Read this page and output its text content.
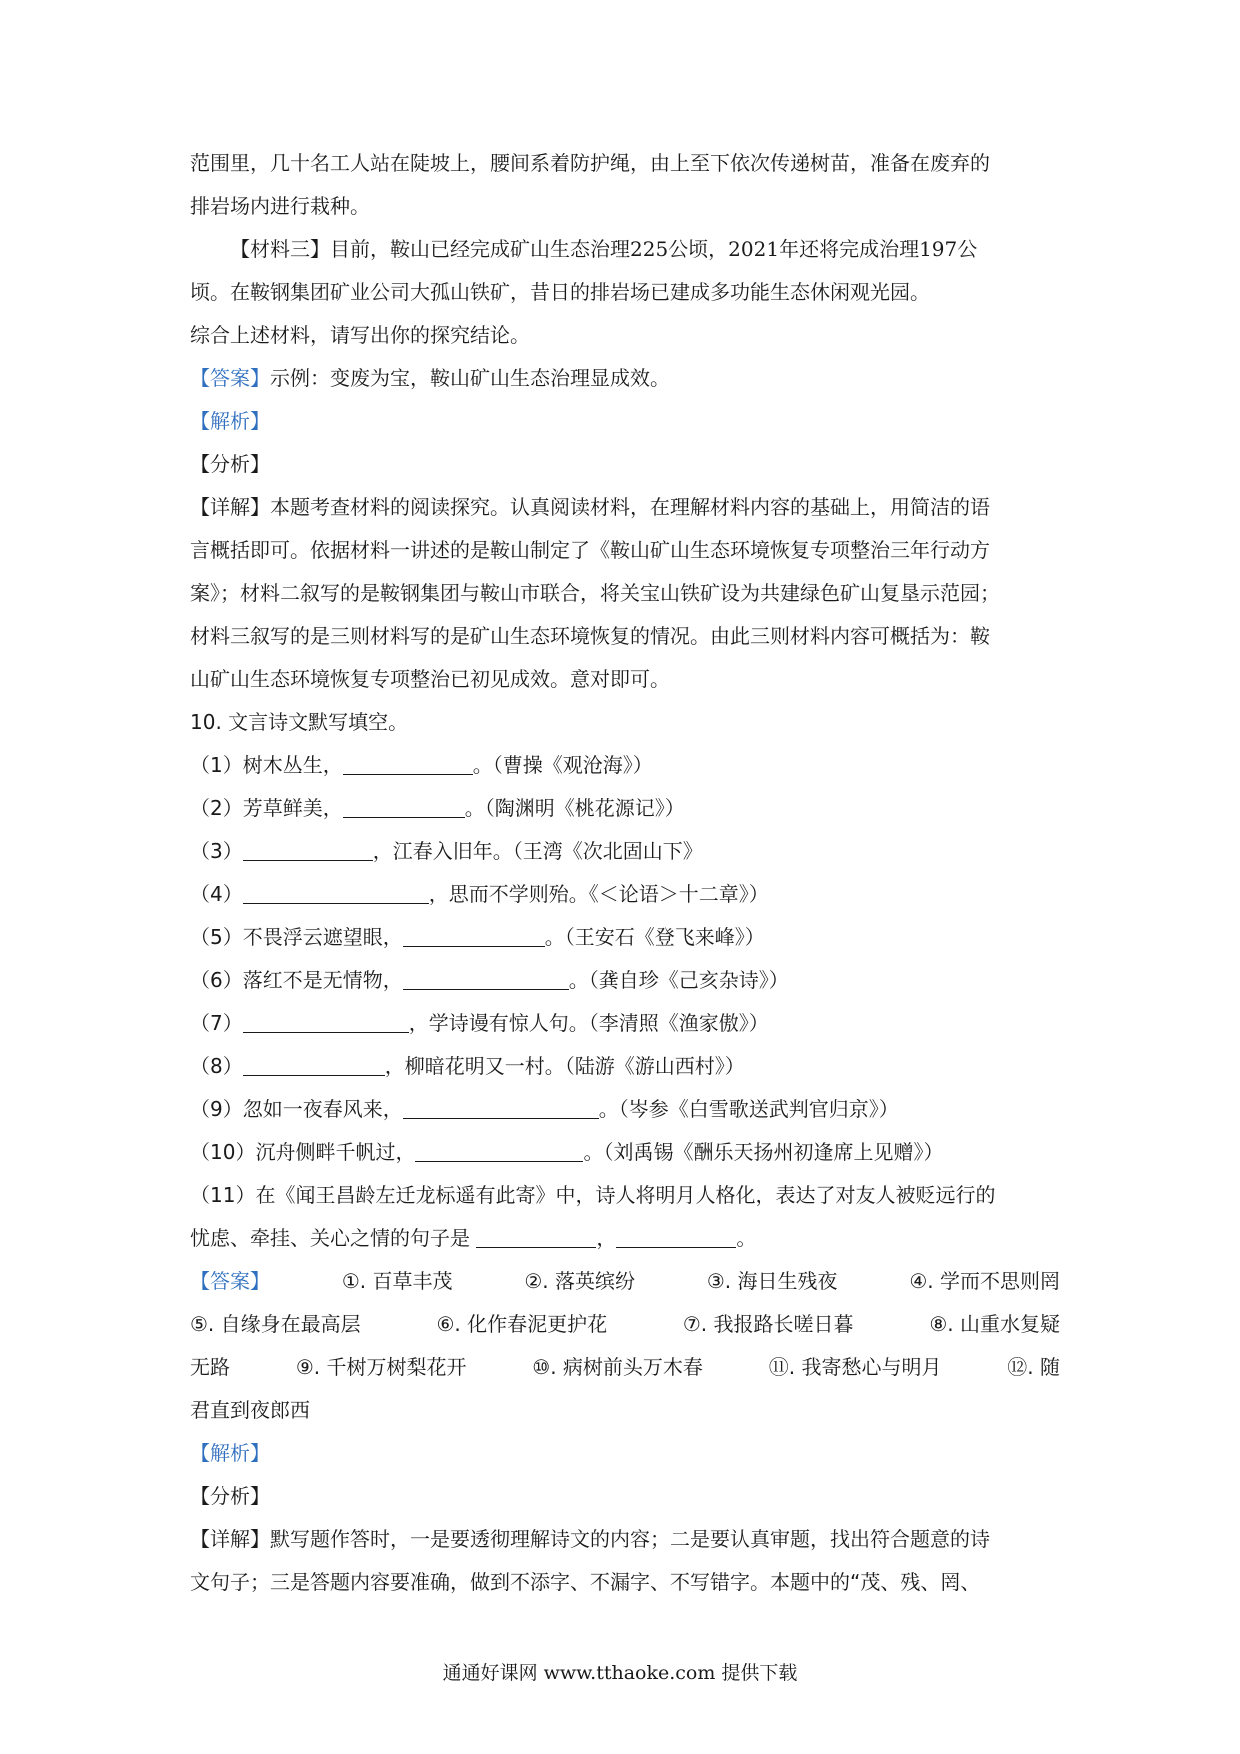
范围里，几十名工人站在陡坡上，腰间系着防护绳，由上至下依次传递树苗，准备在废弃的
排岩场内进行栽种。
【材料三】目前，鞍山已经完成矿山生态治理225公顷，2021年还将完成治理197公
顷。在鞍钢集团矿业公司大孤山铁矿，昔日的排岩场已建成多功能生态休闲观光园。
综合上述材料，请写出你的探究结论。
【答案】示例：变废为宝，鞍山矿山生态治理显成效。
【解析】
【分析】
【详解】本题考查材料的阅读探究。认真阅读材料，在理解材料内容的基础上，用简洁的语
言概括即可。依据材料一讲述的是鞍山制定了《鞍山矿山生态环境恢复专项整治三年行动方
案》；材料二叙写的是鞍钢集团与鞍山市联合，将关宝山铁矿设为共建绿色矿山复垦示范园；
材料三叙写的是三则材料写的是矿山生态环境恢复的情况。由此三则材料内容可概括为：鞍
山矿山生态环境恢复专项整治已初见成效。意对即可。
10. 文言诗文默写填空。
（1）树木丛生，	。（曹操《观沧海》）
（2）芳草鲜美，	。（陶渊明《桃花源记》）
（3）	，江春入旧年。（王湾《次北固山下》
（4）	，思而不学则殆。《＜论语＞十二章》）
（5）不畏浮云遮望眼，	。（王安石《登飞来峰》）
（6）落红不是无情物，	。（龚自珍《己亥杂诗》）
（7）	，学诗谩有惊人句。（李清照《渔家傲》）
（8）	，柳暗花明又一村。（陆游《游山西村》）
（9）忽如一夜春风来，	。（岑参《白雪歌送武判官归京》）
（10）沉舟侧畔千帆过，	。（刘禹锡《酬乐天扬州初逢席上见赠》）
（11）在《闻王昌龄左迁龙标遥有此寄》中，诗人将明月人格化，表达了对友人被贬远行的
忧虑、牵挂、关心之情的句子是	，	。
【答案】	①. 百草丰茂	②. 落英缤纷	③. 海日生残夜	④. 学而不思则罔
⑤. 自缘身在最高层	⑥. 化作春泥更护花	⑦. 我报路长嗟日暮	⑧. 山重水复疑
无路	⑨. 千树万树梨花开	⑩. 病树前头万木春	⑪. 我寄愁心与明月	⑫. 随
君直到夜郎西
【解析】
【分析】
【详解】默写题作答时，一是要透彻理解诗文的内容；二是要认真审题，找出符合题意的诗
文句子；三是答题内容要准确，做到不添字、不漏字、不写错字。本题中的“茂、残、罔、
通通好课网 www.tthaoke.com 提供下载
